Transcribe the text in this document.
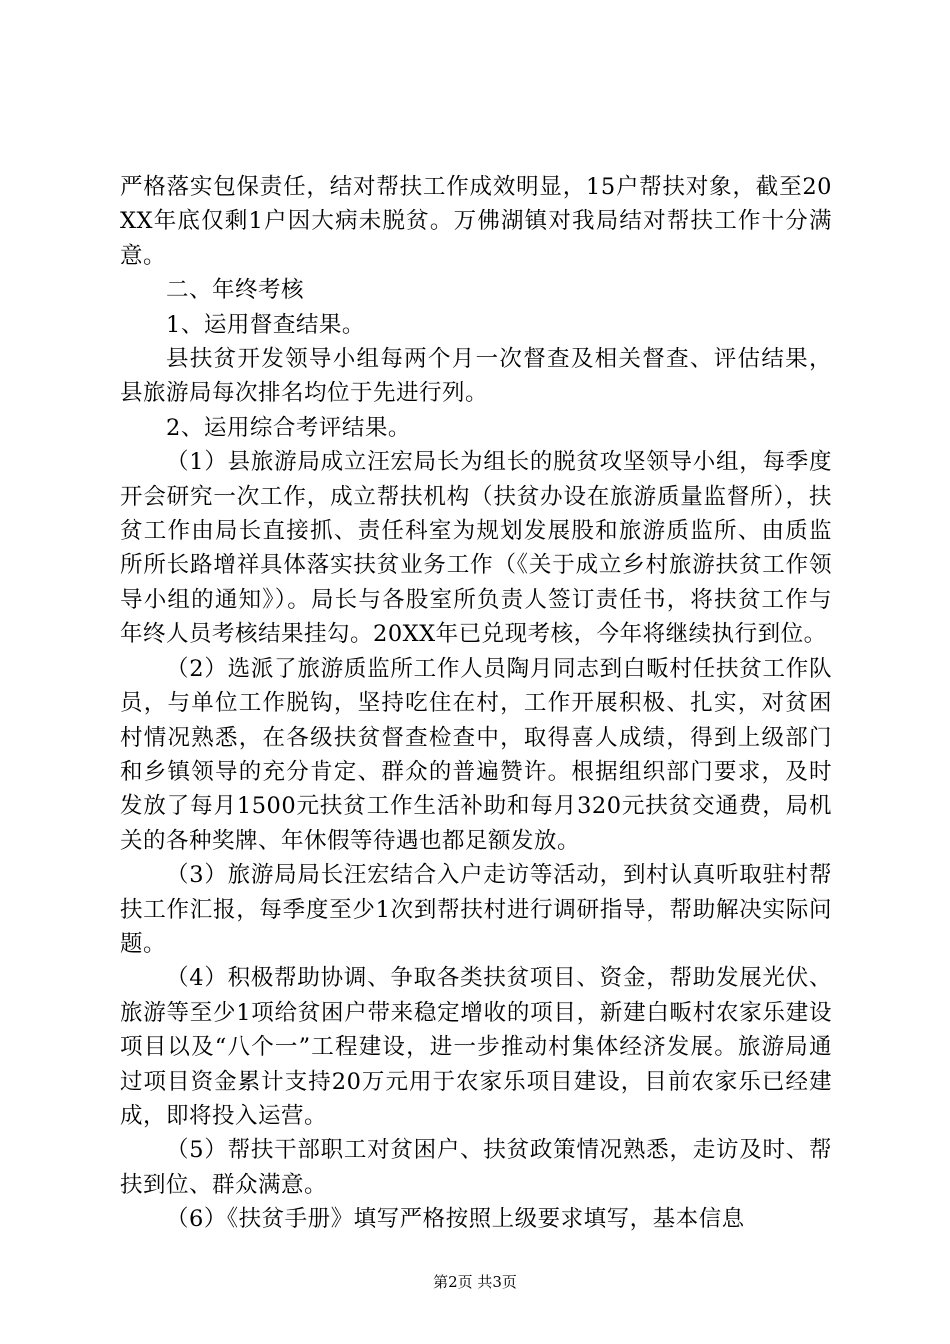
严格落实包保责任，结对帮扶工作成效明显，15户帮扶对象，截至20XX年底仅剩1户因大病未脱贫。万佛湖镇对我局结对帮扶工作十分满意。

二、年终考核

1、运用督查结果。

县扶贫开发领导小组每两个月一次督查及相关督查、评估结果，县旅游局每次排名均位于先进行列。

2、运用综合考评结果。

（1）县旅游局成立汪宏局长为组长的脱贫攻坚领导小组，每季度开会研究一次工作，成立帮扶机构（扶贫办设在旅游质量监督所），扶贫工作由局长直接抓、责任科室为规划发展股和旅游质监所、由质监所所长路增祥具体落实扶贫业务工作（《关于成立乡村旅游扶贫工作领导小组的通知》）。局长与各股室所负责人签订责任书，将扶贫工作与年终人员考核结果挂勾。20XX年已兑现考核，今年将继续执行到位。

（2）选派了旅游质监所工作人员陶月同志到白畈村任扶贫工作队员，与单位工作脱钩，坚持吃住在村，工作开展积极、扎实，对贫困村情况熟悉，在各级扶贫督查检查中，取得喜人成绩，得到上级部门和乡镇领导的充分肯定、群众的普遍赞许。根据组织部门要求，及时发放了每月1500元扶贫工作生活补助和每月320元扶贫交通费，局机关的各种奖牌、年休假等待遇也都足额发放。

（3）旅游局局长汪宏结合入户走访等活动，到村认真听取驻村帮扶工作汇报，每季度至少1次到帮扶村进行调研指导，帮助解决实际问题。

（4）积极帮助协调、争取各类扶贫项目、资金，帮助发展光伏、旅游等至少1项给贫困户带来稳定增收的项目，新建白畈村农家乐建设项目以及“八个一”工程建设，进一步推动村集体经济发展。旅游局通过项目资金累计支持20万元用于农家乐项目建设，目前农家乐已经建成，即将投入运营。

（5）帮扶干部职工对贫困户、扶贫政策情况熟悉，走访及时、帮扶到位、群众满意。

（6）《扶贫手册》填写严格按照上级要求填写，基本信息

第2页 共3页
